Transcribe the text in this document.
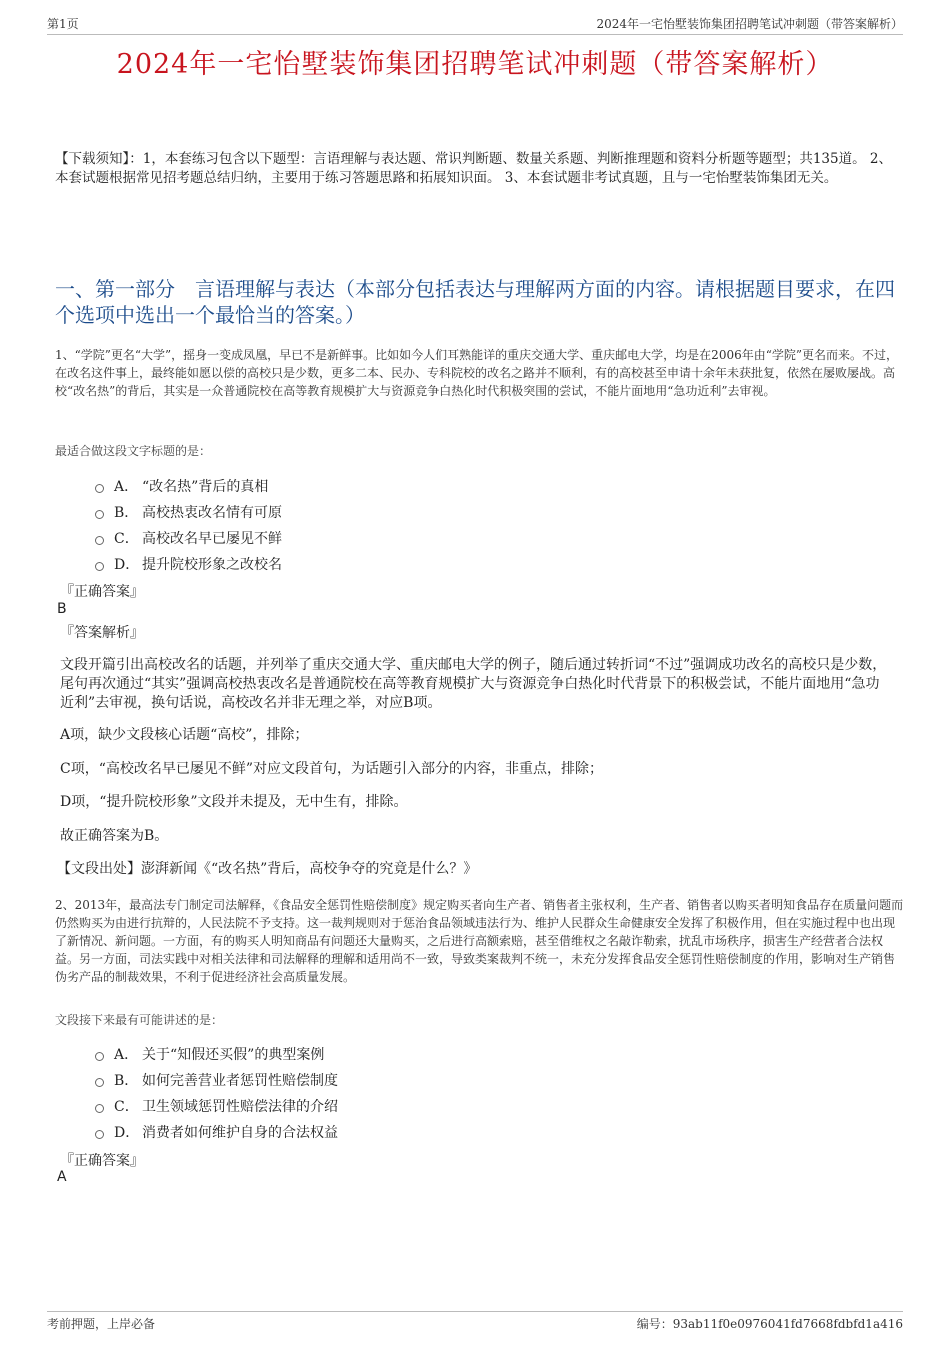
第1页	2024年一宅怡墅装饰集团招聘笔试冲刺题（带答案解析）
2024年一宅怡墅装饰集团招聘笔试冲刺题（带答案解析）

【下载须知】：1，本套练习包含以下题型：言语理解与表达题、常识判断题、数量关系题、判断推理题和资料分析题等题型；共135道。 2、本套试题根据常见招考题总结归纳，主要用于练习答题思路和拓展知识面。 3、本套试题非考试真题，且与一宅怡墅装饰集团无关。

一、第一部分　言语理解与表达（本部分包括表达与理解两方面的内容。请根据题目要求，在四个选项中选出一个最恰当的答案。）

1、“学院”更名“大学”，摇身一变成凤凰，早已不是新鲜事。比如如今人们耳熟能详的重庆交通大学、重庆邮电大学，均是在2006年由“学院”更名而来。不过，在改名这件事上，最终能如愿以偿的高校只是少数，更多二本、民办、专科院校的改名之路并不顺利，有的高校甚至申请十余年未获批复，依然在屡败屡战。高校“改名热”的背后，其实是一众普通院校在高等教育规模扩大与资源竞争白热化时代积极突围的尝试，不能片面地用“急功近利”去审视。

最适合做这段文字标题的是：

A． “改名热”背后的真相
B． 高校热衷改名情有可原
C． 高校改名早已屡见不鲜
D． 提升院校形象之改校名

『正确答案』

B

『答案解析』

文段开篇引出高校改名的话题，并列举了重庆交通大学、重庆邮电大学的例子，随后通过转折词“不过”强调成功改名的高校只是少数，尾句再次通过“其实”强调高校热衷改名是普通院校在高等教育规模扩大与资源竞争白热化时代背景下的积极尝试，不能片面地用“急功近利”去审视，换句话说，高校改名并非无理之举，对应B项。

A项，缺少文段核心话题“高校”，排除；

C项，“高校改名早已屡见不鲜”对应文段首句，为话题引入部分的内容，非重点，排除；

D项，“提升院校形象”文段并未提及，无中生有，排除。

故正确答案为B。

【文段出处】澎湃新闻《“改名热”背后，高校争夺的究竟是什么？》

2、2013年，最高法专门制定司法解释，《食品安全惩罚性赔偿制度》规定购买者向生产者、销售者主张权利，生产者、销售者以购买者明知食品存在质量问题而仍然购买为由进行抗辩的，人民法院不予支持。这一裁判规则对于惩治食品领域违法行为、维护人民群众生命健康安全发挥了积极作用，但在实施过程中也出现了新情况、新问题。一方面，有的购买人明知商品有问题还大量购买，之后进行高额索赔，甚至借维权之名敲诈勒索，扰乱市场秩序，损害生产经营者合法权益。另一方面，司法实践中对相关法律和司法解释的理解和适用尚不一致，导致类案裁判不统一，未充分发挥食品安全惩罚性赔偿制度的作用，影响对生产销售伪劣产品的制裁效果，不利于促进经济社会高质量发展。

文段接下来最有可能讲述的是：

A． 关于“知假还买假”的典型案例
B． 如何完善营业者惩罚性赔偿制度
C． 卫生领域惩罚性赔偿法律的介绍
D． 消费者如何维护自身的合法权益

『正确答案』

A

考前押题，上岸必备	编号：93ab11f0e0976041fd7668fdbfd1a416
